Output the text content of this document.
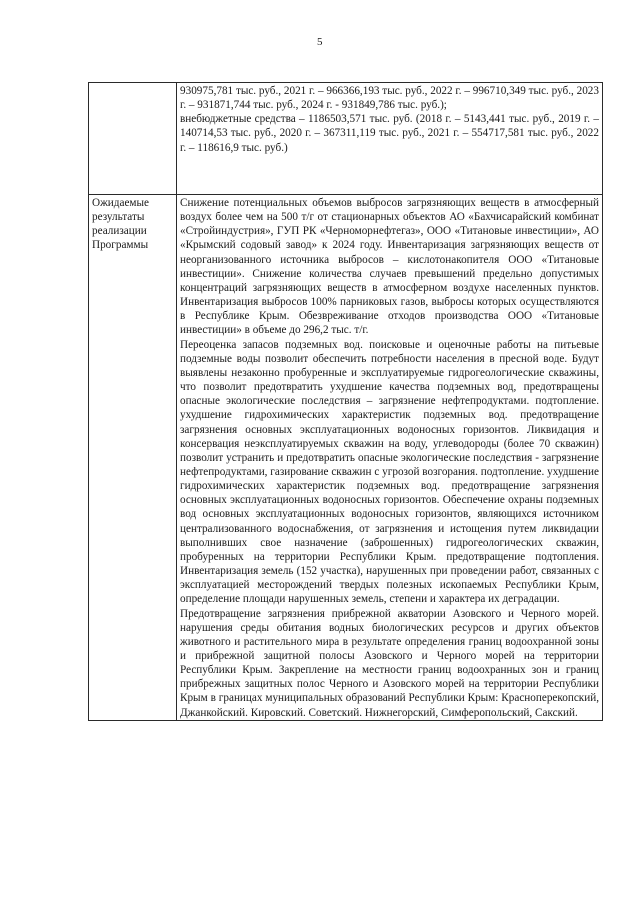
5

	930975,781 тыс. руб., 2021 г. – 966366,193 тыс. руб., 2022 г. – 996710,349 тыс. руб., 2023 г. – 931871,744 тыс. руб., 2024 г. - 931849,786 тыс. руб.);

внебюджетные средства – 1186503,571 тыс. руб. (2018 г. – 5143,441 тыс. руб., 2019 г. – 140714,53 тыс. руб., 2020 г. – 367311,119 тыс. руб., 2021 г. – 554717,581 тыс. руб., 2022 г. – 118616,9 тыс. руб.)

Ожидаемые результаты реализации Программы	Снижение потенциальных объемов выбросов загрязняющих веществ в атмосферный воздух более чем на 500 т/г от стационарных объектов АО «Бахчисарайский комбинат «Стройиндустрия», ГУП РК «Черноморнефтегаз», ООО «Титановые инвестиции», АО «Крымский содовый завод» к 2024 году. Инвентаризация загрязняющих веществ от неорганизованного источника выбросов – кислотонакопителя ООО «Титановые инвестиции». Снижение количества случаев превышений предельно допустимых концентраций загрязняющих веществ в атмосферном воздухе населенных пунктов. Инвентаризация выбросов 100% парниковых газов, выбросы которых осуществляются в Республике Крым. Обезвреживание отходов производства ООО «Титановые инвестиции» в объеме до 296,2 тыс. т/г.

Переоценка запасов подземных вод. поисковые и оценочные работы на питьевые подземные воды позволит обеспечить потребности населения в пресной воде. Будут выявлены незаконно пробуренные и эксплуатируемые гидрогеологические скважины, что позволит предотвратить ухудшение качества подземных вод, предотвращены опасные экологические последствия – загрязнение нефтепродуктами. подтопление. ухудшение гидрохимических характеристик подземных вод. предотвращение загрязнения основных эксплуатационных водоносных горизонтов. Ликвидация и консервация неэксплуатируемых скважин на воду, углеводороды (более 70 скважин) позволит устранить и предотвратить опасные экологические последствия - загрязнение нефтепродуктами, газирование скважин с угрозой возгорания. подтопление. ухудшение гидрохимических характеристик подземных вод. предотвращение загрязнения основных эксплуатационных водоносных горизонтов. Обеспечение охраны подземных вод основных эксплуатационных водоносных горизонтов, являющихся источником централизованного водоснабжения, от загрязнения и истощения путем ликвидации выполнивших свое назначение (заброшенных) гидрогеологических скважин, пробуренных на территории Республики Крым. предотвращение подтопления. Инвентаризация земель (152 участка), нарушенных при проведении работ, связанных с эксплуатацией месторождений твердых полезных ископаемых Республики Крым, определение площади нарушенных земель, степени и характера их деградации.

Предотвращение загрязнения прибрежной акватории Азовского и Черного морей. нарушения среды обитания водных биологических ресурсов и других объектов животного и растительного мира в результате определения границ водоохранной зоны и прибрежной защитной полосы Азовского и Черного морей на территории Республики Крым. Закрепление на местности границ водоохранных зон и границ прибрежных защитных полос Черного и Азовского морей на территории Республики Крым в границах муниципальных образований Республики Крым: Красноперекопский, Джанкойский. Кировский. Советский. Нижнегорский, Симферопольский, Сакский.
